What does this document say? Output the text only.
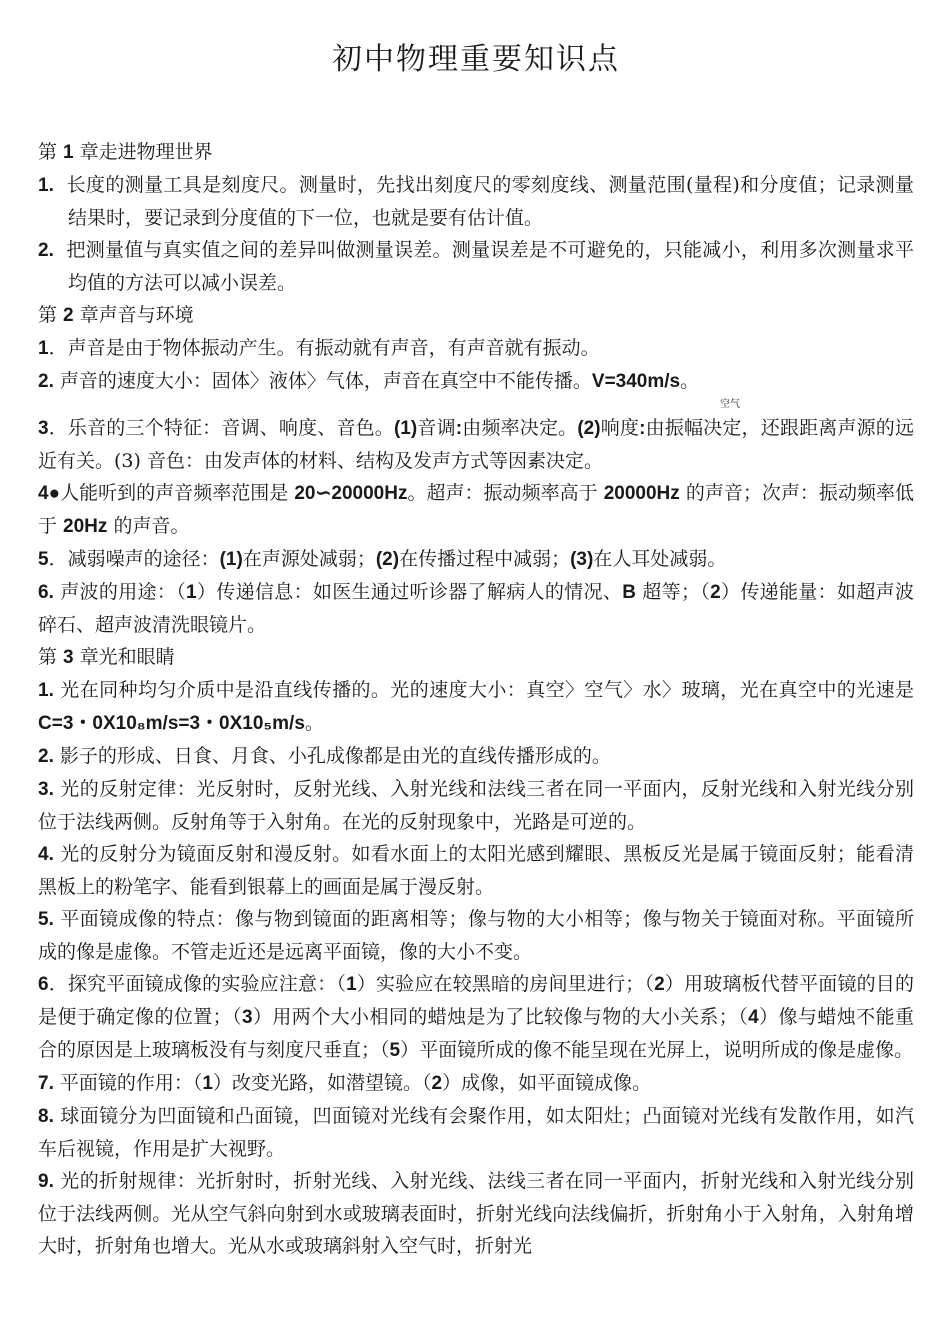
初中物理重要知识点

第 1 章走进物理世界

1. 长度的测量工具是刻度尺。测量时，先找出刻度尺的零刻度线、测量范围(量程)和分度值；记录测量结果时，要记录到分度值的下一位，也就是要有估计值。

2. 把测量值与真实值之间的差异叫做测量误差。测量误差是不可避免的，只能减小，利用多次测量求平均值的方法可以减小误差。

第 2 章声音与环境

1．声音是由于物体振动产生。有振动就有声音，有声音就有振动。

2. 声音的速度大小：固体〉液体〉气体，声音在真空中不能传播。V=340m/s。

空气

3．乐音的三个特征：音调、响度、音色。(1)音调:由频率决定。(2)响度:由振幅决定，还跟距离声源的远近有关。(3) 音色：由发声体的材料、结构及发声方式等因素决定。

4●人能听到的声音频率范围是 20∽20000Hz。超声：振动频率高于 20000Hz 的声音；次声：振动频率低于 20Hz 的声音。

5．减弱噪声的途径：(1)在声源处减弱；(2)在传播过程中减弱；(3)在人耳处减弱。

6. 声波的用途：（1）传递信息：如医生通过听诊器了解病人的情况、B 超等；（2）传递能量：如超声波碎石、超声波清洗眼镜片。

第 3 章光和眼睛

1. 光在同种均匀介质中是沿直线传播的。光的速度大小：真空〉空气〉水〉玻璃，光在真空中的光速是 C=3・0X10₈m/s=3・0X10₅m/s。

2. 影子的形成、日食、月食、小孔成像都是由光的直线传播形成的。

3. 光的反射定律：光反射时，反射光线、入射光线和法线三者在同一平面内，反射光线和入射光线分别位于法线两侧。反射角等于入射角。在光的反射现象中，光路是可逆的。

4. 光的反射分为镜面反射和漫反射。如看水面上的太阳光感到耀眼、黑板反光是属于镜面反射；能看清黑板上的粉笔字、能看到银幕上的画面是属于漫反射。

5. 平面镜成像的特点：像与物到镜面的距离相等；像与物的大小相等；像与物关于镜面对称。平面镜所成的像是虚像。不管走近还是远离平面镜，像的大小不变。

6．探究平面镜成像的实验应注意：（1）实验应在较黑暗的房间里进行；（2）用玻璃板代替平面镜的目的是便于确定像的位置；（3）用两个大小相同的蜡烛是为了比较像与物的大小关系；（4）像与蜡烛不能重合的原因是上玻璃板没有与刻度尺垂直；（5）平面镜所成的像不能呈现在光屏上，说明所成的像是虚像。

7. 平面镜的作用：（1）改变光路，如潜望镜。（2）成像，如平面镜成像。

8. 球面镜分为凹面镜和凸面镜，凹面镜对光线有会聚作用，如太阳灶；凸面镜对光线有发散作用，如汽车后视镜，作用是扩大视野。

9. 光的折射规律：光折射时，折射光线、入射光线、法线三者在同一平面内，折射光线和入射光线分别位于法线两侧。光从空气斜向射到水或玻璃表面时，折射光线向法线偏折，折射角小于入射角，入射角增大时，折射角也增大。光从水或玻璃斜射入空气时，折射光
